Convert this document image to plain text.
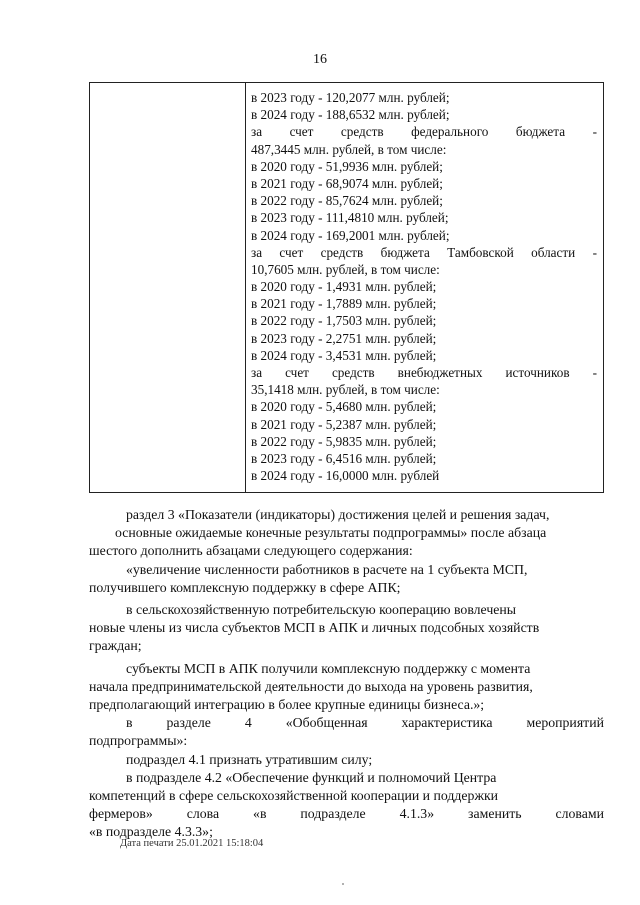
16
в 2023 году - 120,2077 млн. рублей;
в 2024 году - 188,6532 млн. рублей;
за счет средств федерального бюджета -
487,3445 млн. рублей, в том числе:
в 2020 году - 51,9936 млн. рублей;
в 2021 году - 68,9074 млн. рублей;
в 2022 году - 85,7624 млн. рублей;
в 2023 году - 111,4810 млн. рублей;
в 2024 году - 169,2001 млн. рублей;
за счет средств бюджета Тамбовской области -
10,7605 млн. рублей, в том числе:
в 2020 году - 1,4931 млн. рублей;
в 2021 году - 1,7889 млн. рублей;
в 2022 году - 1,7503 млн. рублей;
в 2023 году - 2,2751 млн. рублей;
в 2024 году - 3,4531 млн. рублей;
за счет средств внебюджетных источников -
35,1418 млн. рублей, в том числе:
в 2020 году - 5,4680 млн. рублей;
в 2021 году - 5,2387 млн. рублей;
в 2022 году - 5,9835 млн. рублей;
в 2023 году - 6,4516 млн. рублей;
в 2024 году - 16,0000 млн. рублей
раздел 3 «Показатели (индикаторы) достижения целей и решения задач,
основные ожидаемые конечные результаты подпрограммы» после абзаца
шестого дополнить абзацами следующего содержания:
«увеличение численности работников в расчете на 1 субъекта МСП,
получившего комплексную поддержку в сфере АПК;
в сельскохозяйственную потребительскую кооперацию вовлечены
новые члены из числа субъектов МСП в АПК и личных подсобных хозяйств
граждан;
субъекты МСП в АПК получили комплексную поддержку с момента
начала предпринимательской деятельности до выхода на уровень развития,
предполагающий интеграцию в более крупные единицы бизнеса.»;
в разделе 4 «Обобщенная характеристика мероприятий
подпрограммы»:
подраздел 4.1 признать утратившим силу;
в подразделе 4.2 «Обеспечение функций и полномочий Центра
компетенций в сфере сельскохозяйственной кооперации и поддержки
фермеров» слова «в подразделе 4.1.3» заменить словами
«в подразделе 4.3.3»;
Дата печати 25.01.2021 15:18:04
